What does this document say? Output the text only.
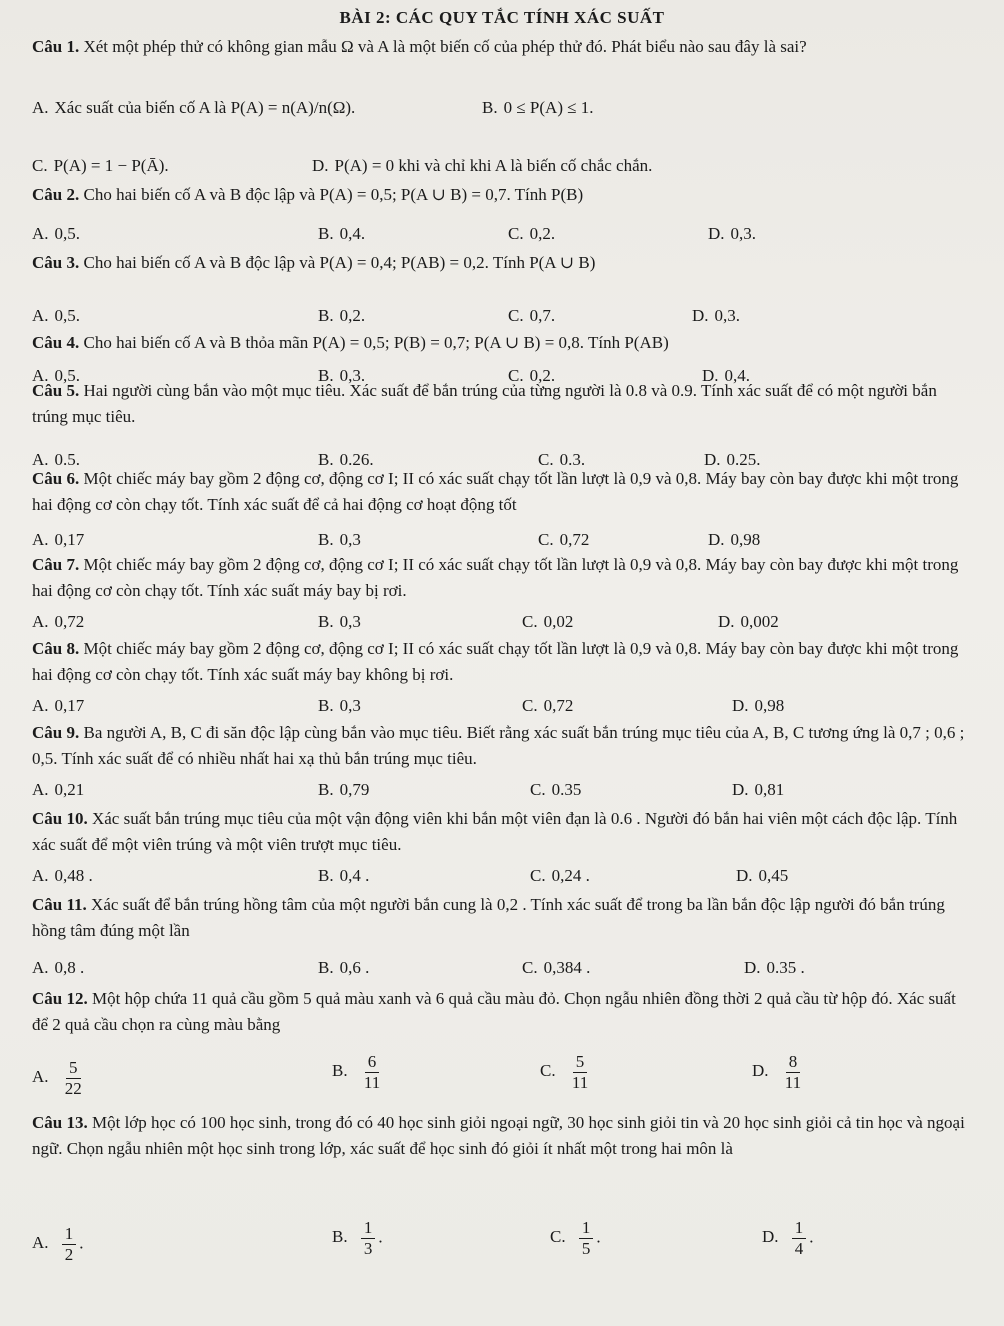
BÀI 2: CÁC QUY TẮC TÍNH XÁC SUẤT
Câu 1. Xét một phép thử có không gian mẫu Ω và A là một biến cố của phép thử đó. Phát biểu nào sau đây là sai?
A. Xác suất của biến cố A là P(A) = n(A)/n(Ω).	B. 0 ≤ P(A) ≤ 1.
C. P(A) = 1 − P(Ā).	D. P(A) = 0 khi và chỉ khi A là biến cố chắc chắn.
Câu 2. Cho hai biến cố A và B độc lập và P(A) = 0,5; P(A ∪ B) = 0,7. Tính P(B)
A. 0,5.	B. 0,4.	C. 0,2.	D. 0,3.
Câu 3. Cho hai biến cố A và B độc lập và P(A) = 0,4; P(AB) = 0,2. Tính P(A ∪ B)
A. 0,5.	B. 0,2.	C. 0,7.	D. 0,3.
Câu 4. Cho hai biến cố A và B thỏa mãn P(A) = 0,5; P(B) = 0,7; P(A ∪ B) = 0,8. Tính P(AB)
A. 0,5.	B. 0,3.	C. 0,2.	D. 0,4.
Câu 5. Hai người cùng bắn vào một mục tiêu. Xác suất để bắn trúng của từng người là 0.8 và 0.9. Tính xác suất để có một người bắn trúng mục tiêu.
A. 0.5.	B. 0.26.	C. 0.3.	D. 0.25.
Câu 6. Một chiếc máy bay gồm 2 động cơ, động cơ I; II có xác suất chạy tốt lần lượt là 0,9 và 0,8. Máy bay còn bay được khi một trong hai động cơ còn chạy tốt. Tính xác suất để cả hai động cơ hoạt động tốt
A. 0,17	B. 0,3	C. 0,72	D. 0,98
Câu 7. Một chiếc máy bay gồm 2 động cơ, động cơ I; II có xác suất chạy tốt lần lượt là 0,9 và 0,8. Máy bay còn bay được khi một trong hai động cơ còn chạy tốt. Tính xác suất máy bay bị rơi.
A. 0,72	B. 0,3	C. 0,02	D. 0,002
Câu 8. Một chiếc máy bay gồm 2 động cơ, động cơ I; II có xác suất chạy tốt lần lượt là 0,9 và 0,8. Máy bay còn bay được khi một trong hai động cơ còn chạy tốt. Tính xác suất máy bay không bị rơi.
A. 0,17	B. 0,3	C. 0,72	D. 0,98
Câu 9. Ba người A, B, C đi săn độc lập cùng bắn vào mục tiêu. Biết rằng xác suất bắn trúng mục tiêu của A, B, C tương ứng là 0,7 ; 0,6 ; 0,5. Tính xác suất để có nhiều nhất hai xạ thủ bắn trúng mục tiêu.
A. 0,21	B. 0,79	C. 0.35	D. 0,81
Câu 10. Xác suất bắn trúng mục tiêu của một vận động viên khi bắn một viên đạn là 0.6 . Người đó bắn hai viên một cách độc lập. Tính xác suất để một viên trúng và một viên trượt mục tiêu.
A. 0,48 .	B. 0,4 .	C. 0,24 .	D. 0,45
Câu 11. Xác suất để bắn trúng hồng tâm của một người bắn cung là 0,2 . Tính xác suất để trong ba lần bắn độc lập người đó bắn trúng hồng tâm đúng một lần
A. 0,8 .	B. 0,6 .	C. 0,384 .	D. 0.35 .
Câu 12. Một hộp chứa 11 quả cầu gồm 5 quả màu xanh và 6 quả cầu màu đỏ. Chọn ngẫu nhiên đồng thời 2 quả cầu từ hộp đó. Xác suất để 2 quả cầu chọn ra cùng màu bằng
A. $\frac{5}{22}$	B. $\frac{6}{11}$	C. $\frac{5}{11}$	D. $\frac{8}{11}$
Câu 13. Một lớp học có 100 học sinh, trong đó có 40 học sinh giỏi ngoại ngữ, 30 học sinh giỏi tin và 20 học sinh giỏi cả tin học và ngoại ngữ. Chọn ngẫu nhiên một học sinh trong lớp, xác suất để học sinh đó giỏi ít nhất một trong hai môn là
A. $\frac{1}{2}$ .	B. $\frac{1}{3}$ .	C. $\frac{1}{5}$ .	D. $\frac{1}{4}$ .
